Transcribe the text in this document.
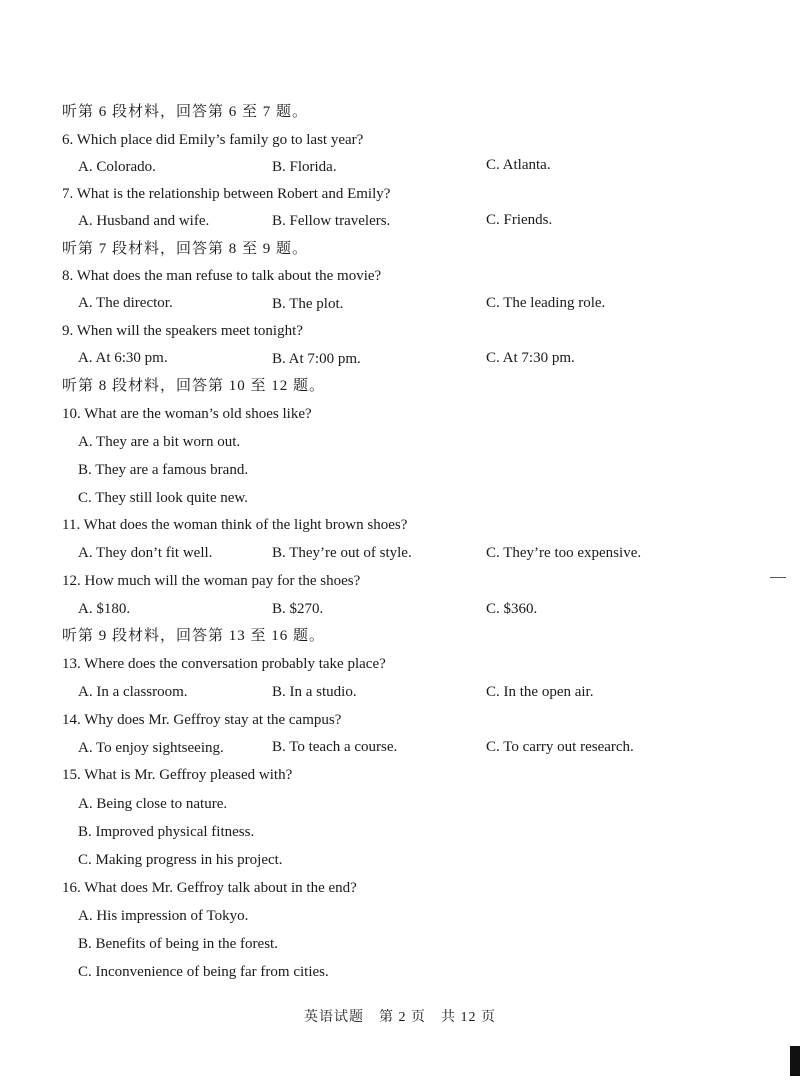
听第 6 段材料，回答第 6 至 7 题。
6. Which place did Emily’s family go to last year?
A. Colorado.	B. Florida.	C. Atlanta.
7. What is the relationship between Robert and Emily?
A. Husband and wife.	B. Fellow travelers.	C. Friends.
听第 7 段材料，回答第 8 至 9 题。
8. What does the man refuse to talk about the movie?
A. The director.	B. The plot.	C. The leading role.
9. When will the speakers meet tonight?
A. At 6:30 pm.	B. At 7:00 pm.	C. At 7:30 pm.
听第 8 段材料，回答第 10 至 12 题。
10. What are the woman’s old shoes like?
A. They are a bit worn out.
B. They are a famous brand.
C. They still look quite new.
11. What does the woman think of the light brown shoes?
A. They don’t fit well.	B. They’re out of style.	C. They’re too expensive.
12. How much will the woman pay for the shoes?
A. $180.	B. $270.	C. $360.
听第 9 段材料，回答第 13 至 16 题。
13. Where does the conversation probably take place?
A. In a classroom.	B. In a studio.	C. In the open air.
14. Why does Mr. Geffroy stay at the campus?
A. To enjoy sightseeing.	B. To teach a course.	C. To carry out research.
15. What is Mr. Geffroy pleased with?
A. Being close to nature.
B. Improved physical fitness.
C. Making progress in his project.
16. What does Mr. Geffroy talk about in the end?
A. His impression of Tokyo.
B. Benefits of being in the forest.
C. Inconvenience of being far from cities.
英语试题　第 2 页　共 12 页
